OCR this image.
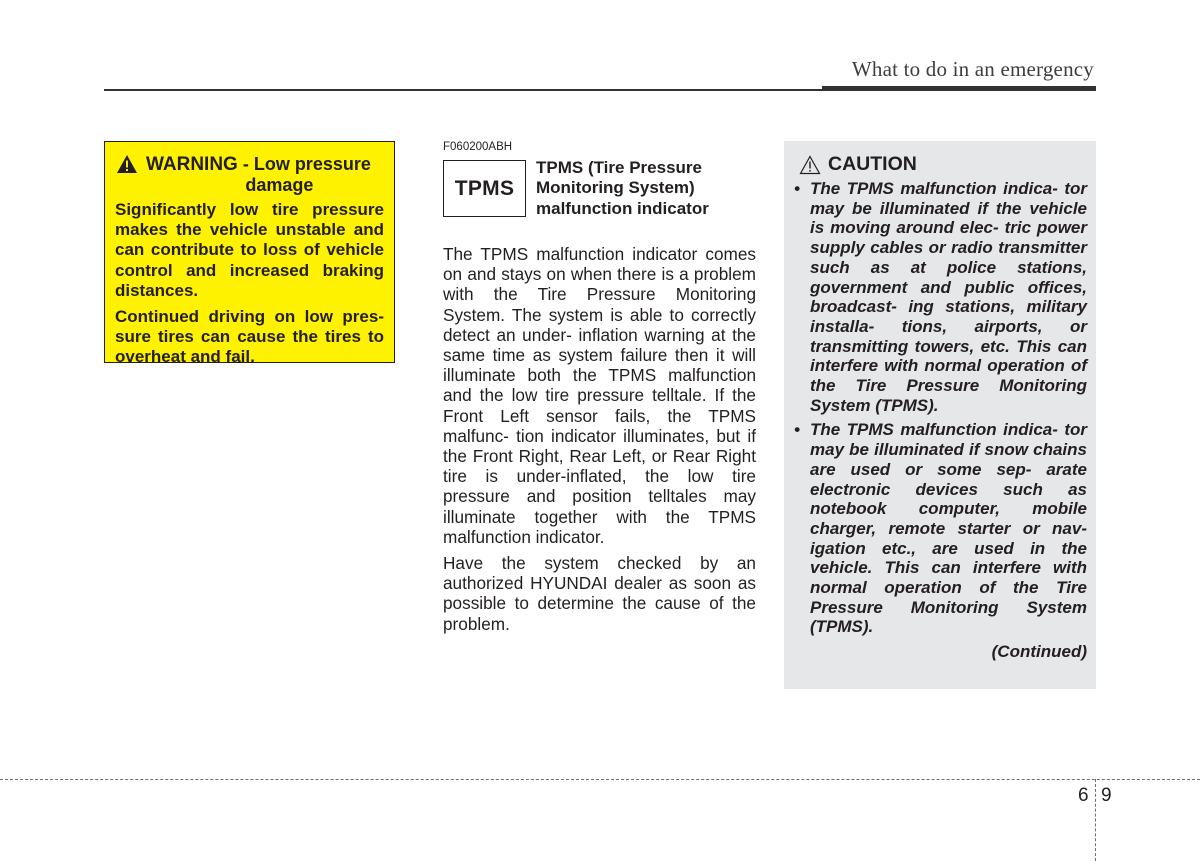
What to do in an emergency
WARNING - Low pressure
damage

Significantly low tire pressure makes the vehicle unstable and can contribute to loss of vehicle control and increased braking distances.

Continued driving on low pres- sure tires can cause the tires to overheat and fail.

F060200ABH
TPMS
TPMS (Tire Pressure Monitoring System) malfunction indicator

The TPMS malfunction indicator comes on and stays on when there is a problem with the Tire Pressure Monitoring System. The system is able to correctly detect an under- inflation warning at the same time as system failure then it will illuminate both the TPMS malfunction and the low tire pressure telltale. If the Front Left sensor fails, the TPMS malfunc- tion indicator illuminates, but if the Front Right, Rear Left, or Rear Right tire is under-inflated, the low tire pressure and position telltales may illuminate together with the TPMS malfunction indicator.

Have the system checked by an authorized HYUNDAI dealer as soon as possible to determine the cause of the problem.

CAUTION
• The TPMS malfunction indica- tor may be illuminated if the vehicle is moving around elec- tric power supply cables or radio transmitter such as at police stations, government and public offices, broadcast- ing stations, military installa- tions, airports, or transmitting towers, etc. This can interfere with normal operation of the Tire Pressure Monitoring System (TPMS).
• The TPMS malfunction indica- tor may be illuminated if snow chains are used or some sep- arate electronic devices such as notebook computer, mobile charger, remote starter or nav- igation etc., are used in the vehicle. This can interfere with normal operation of the Tire Pressure Monitoring System (TPMS).
(Continued)
6 9
